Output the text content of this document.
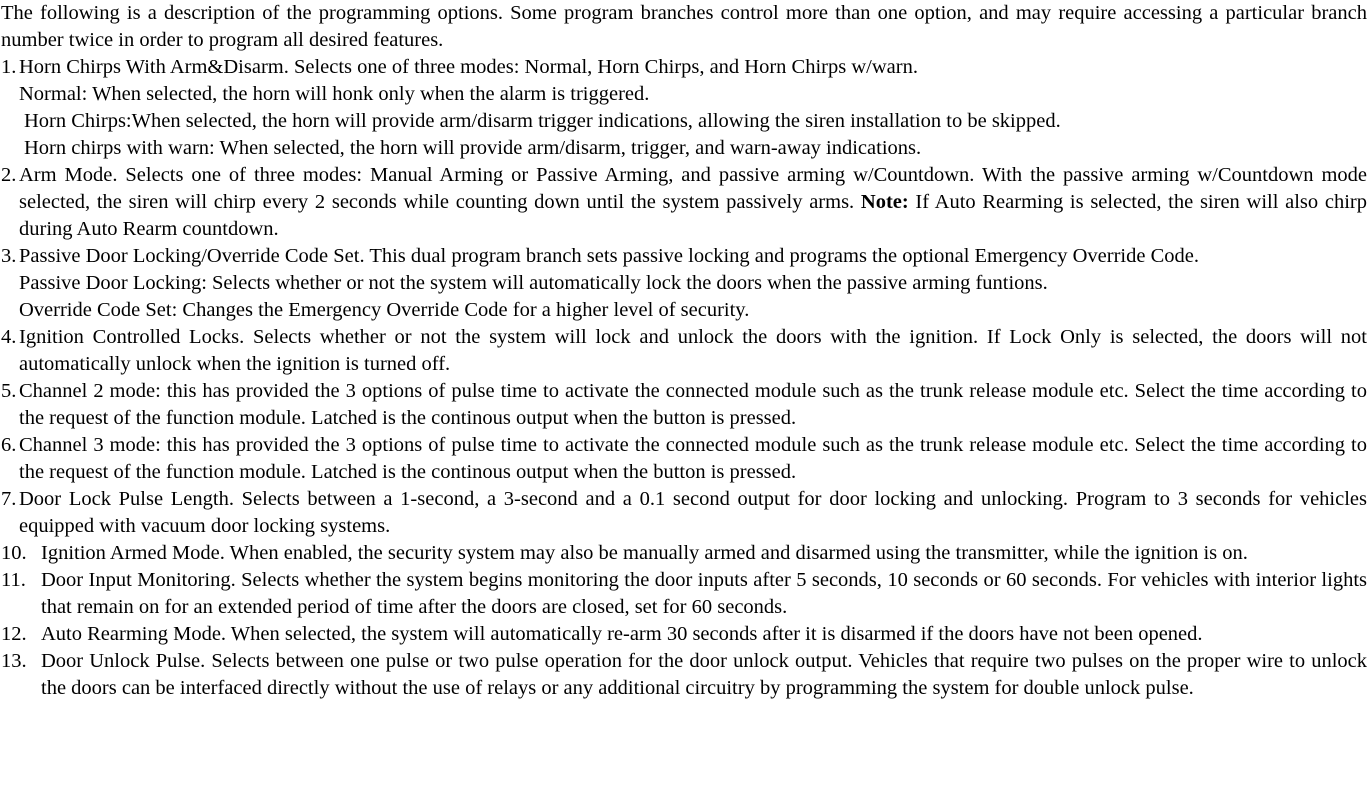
The following is a description of the programming options. Some program branches control more than one option, and may require accessing a particular branch number twice in order to program all desired features.

1. Horn Chirps With Arm&Disarm. Selects one of three modes: Normal, Horn Chirps, and Horn Chirps w/warn.
Normal: When selected, the horn will honk only when the alarm is triggered.
Horn Chirps:When selected, the horn will provide arm/disarm trigger indications, allowing the siren installation to be skipped.
Horn chirps with warn: When selected, the horn will provide arm/disarm, trigger, and warn-away indications.
2. Arm Mode. Selects one of three modes: Manual Arming or Passive Arming, and passive arming w/Countdown. With the passive arming w/Countdown mode selected, the siren will chirp every 2 seconds while counting down until the system passively arms. Note: If Auto Rearming is selected, the siren will also chirp during Auto Rearm countdown.
3. Passive Door Locking/Override Code Set. This dual program branch sets passive locking and programs the optional Emergency Override Code.
Passive Door Locking: Selects whether or not the system will automatically lock the doors when the passive arming funtions.
Override Code Set: Changes the Emergency Override Code for a higher level of security.
4. Ignition Controlled Locks. Selects whether or not the system will lock and unlock the doors with the ignition. If Lock Only is selected, the doors will not automatically unlock when the ignition is turned off.
5. Channel 2 mode: this has provided the 3 options of pulse time to activate the connected module such as the trunk release module etc. Select the time according to the request of the function module. Latched is the continous output when the button is pressed.
6. Channel 3 mode: this has provided the 3 options of pulse time to activate the connected module such as the trunk release module etc. Select the time according to the request of the function module. Latched is the continous output when the button is pressed.
7. Door Lock Pulse Length. Selects between a 1-second, a 3-second and a 0.1 second output for door locking and unlocking. Program to 3 seconds for vehicles equipped with vacuum door locking systems.
10. Ignition Armed Mode. When enabled, the security system may also be manually armed and disarmed using the transmitter, while the ignition is on.
11. Door Input Monitoring. Selects whether the system begins monitoring the door inputs after 5 seconds, 10 seconds or 60 seconds. For vehicles with interior lights that remain on for an extended period of time after the doors are closed, set for 60 seconds.
12. Auto Rearming Mode. When selected, the system will automatically re-arm 30 seconds after it is disarmed if the doors have not been opened.
13. Door Unlock Pulse. Selects between one pulse or two pulse operation for the door unlock output. Vehicles that require two pulses on the proper wire to unlock the doors can be interfaced directly without the use of relays or any additional circuitry by programming the system for double unlock pulse.
